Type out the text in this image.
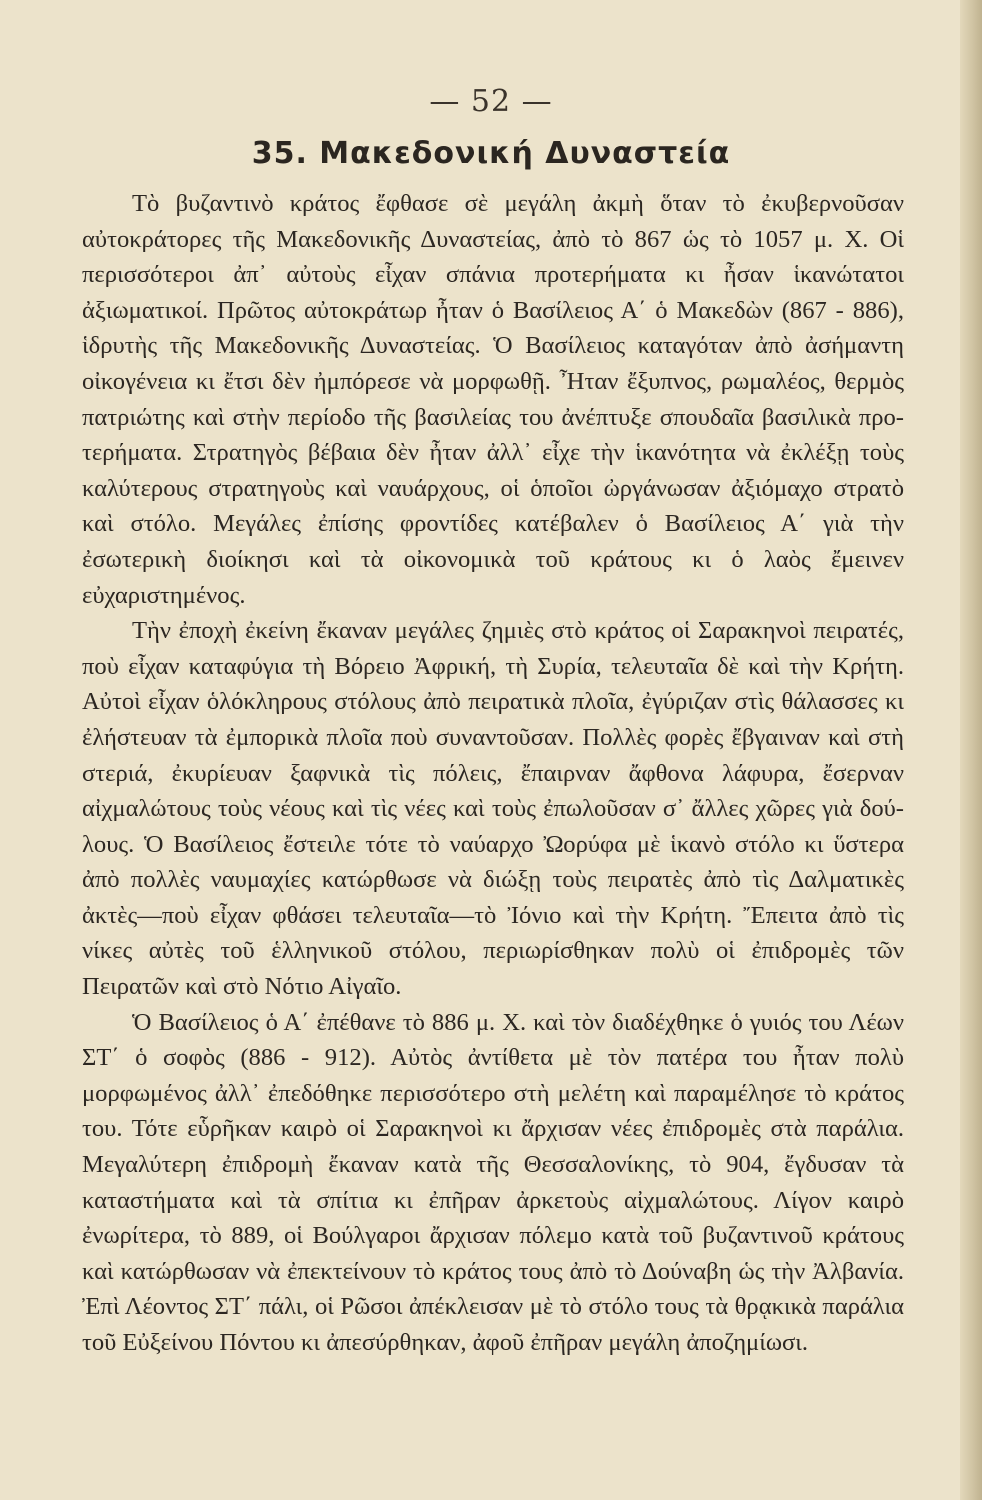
— 52 —
35. Μακεδονική Δυναστεία

Τὸ βυζαντινὸ κράτος ἔφθασε σὲ μεγάλη ἀκμὴ ὅταν τὸ ἐκυβερνοῦσαν αὐτοκράτορες τῆς Μακεδονικῆς Δυναστείας, ἀπὸ τὸ 867 ὡς τὸ 1057 μ. Χ. Οἱ περισσότεροι ἀπ᾽ αὐτοὺς εἶχαν σπάνια προτερήματα κι ἦσαν ἱκανώτατοι ἀξιωματικοί. Πρῶτος αὐτοκράτωρ ἦταν ὁ Βασίλειος Α΄ ὁ Μακεδὼν (867 - 886), ἱδρυτὴς τῆς Μακεδονικῆς Δυναστείας. Ὁ Βασίλειος καταγόταν ἀπὸ ἀσήμαντη οἰκογένεια κι ἔτσι δὲν ἠμπόρεσε νὰ μορφωθῇ. Ἦταν ἔξυπνος, ρωμαλέος, θερμὸς πατριώτης καὶ στὴν περίοδο τῆς βασιλείας του ἀνέπτυξε σπουδαῖα βασιλικὰ προτερήματα. Στρατηγὸς βέβαια δὲν ἦταν ἀλλ᾽ εἶχε τὴν ἱκανότητα νὰ ἐκλέξῃ τοὺς καλύτερους στρατηγοὺς καὶ ναυάρχους, οἱ ὁποῖοι ὠργάνωσαν ἀξιόμαχο στρατὸ καὶ στόλο. Μεγάλες ἐπίσης φροντίδες κατέβαλεν ὁ Βασίλειος Α΄ γιὰ τὴν ἐσωτερικὴ διοίκησι καὶ τὰ οἰκονομικὰ τοῦ κράτους κι ὁ λαὸς ἔμεινεν εὐχαριστημένος.

Τὴν ἐποχὴ ἐκείνη ἔκαναν μεγάλες ζημιὲς στὸ κράτος οἱ Σαρακηνοὶ πειρατές, ποὺ εἶχαν καταφύγια τὴ Βόρειο Ἀφρική, τὴ Συρία, τελευταῖα δὲ καὶ τὴν Κρήτη. Αὐτοὶ εἶχαν ὁλόκληρους στόλους ἀπὸ πειρατικὰ πλοῖα, ἐγύριζαν στὶς θάλασσες κι ἐλήστευαν τὰ ἐμπορικὰ πλοῖα ποὺ συναντοῦσαν. Πολλὲς φορὲς ἔβγαιναν καὶ στὴ στεριά, ἐκυρίευαν ξαφνικὰ τὶς πόλεις, ἔπαιρναν ἄφθονα λάφυρα, ἔσερναν αἰχμαλώτους τοὺς νέους καὶ τὶς νέες καὶ τοὺς ἐπωλοῦσαν σ᾽ ἄλλες χῶρες γιὰ δούλους. Ὁ Βασίλειος ἔστειλε τότε τὸ ναύαρχο Ὠορύφα μὲ ἱκανὸ στόλο κι ὕστερα ἀπὸ πολλὲς ναυμαχίες κατώρθωσε νὰ διώξῃ τοὺς πειρατὲς ἀπὸ τὶς Δαλματικὲς ἀκτὲς—ποὺ εἶχαν φθάσει τελευταῖα—τὸ Ἰόνιο καὶ τὴν Κρήτη. Ἔπειτα ἀπὸ τὶς νίκες αὐτὲς τοῦ ἑλληνικοῦ στόλου, περιωρίσθηκαν πολὺ οἱ ἐπιδρομὲς τῶν Πειρατῶν καὶ στὸ Νότιο Αἰγαῖο.

Ὁ Βασίλειος ὁ Α΄ ἐπέθανε τὸ 886 μ. Χ. καὶ τὸν διαδέχθηκε ὁ γυιός του Λέων ΣΤ΄ ὁ σοφὸς (886 - 912). Αὐτὸς ἀντίθετα μὲ τὸν πατέρα του ἦταν πολὺ μορφωμένος ἀλλ᾽ ἐπεδόθηκε περισσότερο στὴ μελέτη καὶ παραμέλησε τὸ κράτος του. Τότε εὗρῆκαν καιρὸ οἱ Σαρακηνοὶ κι ἄρχισαν νέες ἐπιδρομὲς στὰ παράλια. Μεγαλύτερη ἐπιδρομὴ ἔκαναν κατὰ τῆς Θεσσαλονίκης, τὸ 904, ἔγδυσαν τὰ καταστήματα καὶ τὰ σπίτια κι ἐπῆραν ἀρκετοὺς αἰχμαλώτους. Λίγον καιρὸ ἐνωρίτερα, τὸ 889, οἱ Βούλγαροι ἄρχισαν πόλεμο κατὰ τοῦ βυζαντινοῦ κράτους καὶ κατώρθωσαν νὰ ἐπεκτείνουν τὸ κράτος τους ἀπὸ τὸ Δούναβη ὡς τὴν Ἀλβανία. Ἐπὶ Λέοντος ΣΤ΄ πάλι, οἱ Ρῶσοι ἀπέκλεισαν μὲ τὸ στόλο τους τὰ θρᾳκικὰ παράλια τοῦ Εὐξείνου Πόντου κι ἀπεσύρθηκαν, ἀφοῦ ἐπῆραν μεγάλη ἀποζημίωσι.
